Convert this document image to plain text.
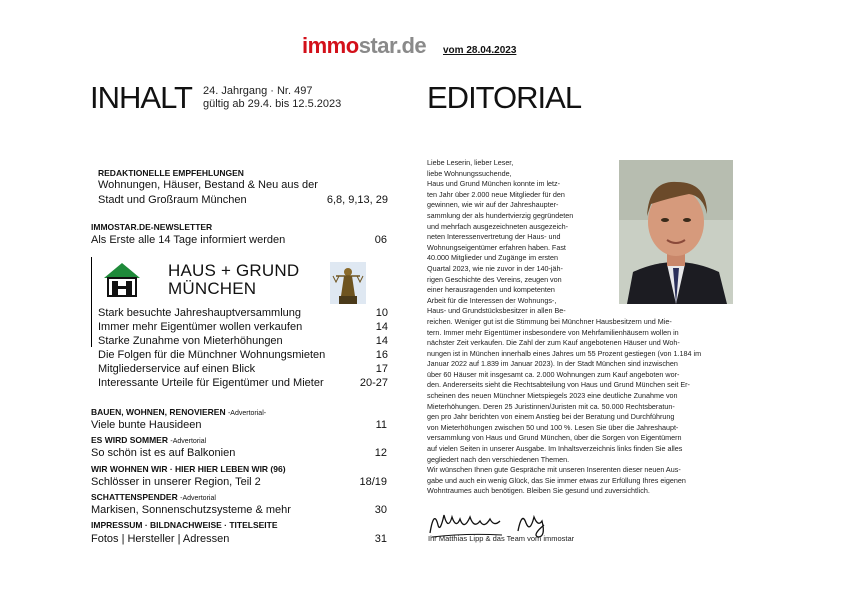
immostar.de vom 28.04.2023
INHALT 24. Jahrgang · Nr. 497
gültig ab 29.4. bis 12.5.2023	EDITORIAL
REDAKTIONELLE EMPFEHLUNGEN
Wohnungen, Häuser, Bestand & Neu aus der
Stadt und Großraum München	6,8, 9,13, 29
IMMOSTAR.DE-NEWSLETTER
Als Erste alle 14 Tage informiert werden	06
HAUS + GRUND
MÜNCHEN
Stark besuchte Jahreshauptversammlung	10
Immer mehr Eigentümer wollen verkaufen	14
Starke Zunahme von Mieterhöhungen	14
Die Folgen für die Münchner Wohnungsmieten	16
Mitgliederservice auf einen Blick	17
Interessante Urteile für Eigentümer und Mieter	20-27
BAUEN, WOHNEN, RENOVIEREN -Advertorial-
Viele bunte Hausideen	11
ES WIRD SOMMER -Advertorial
So schön ist es auf Balkonien	12
WIR WOHNEN WIR · HIER HIER LEBEN WIR (96)
Schlösser in unserer Region, Teil 2	18/19
SCHATTENSPENDER -Advertorial
Markisen, Sonnenschutzsysteme & mehr	30
IMPRESSUM · BILDNACHWEISE · TITELSEITE
Fotos | Hersteller | Adressen	31
Liebe Leserin, lieber Leser,
liebe Wohnungssuchende,
Haus und Grund München konnte im letz-
ten Jahr über 2.000 neue Mitglieder für den
gewinnen, wie wir auf der Jahreshaupter-
sammlung der als hundertvierzig gegründeten
und mehrfach ausgezeichneten ausgezeich-
neten Interessenvertretung der Haus- und
Wohnungseigentümer erfahren haben. Fast
40.000 Mitglieder und Zugänge im ersten
Quartal 2023, wie nie zuvor in der 140-jäh-
rigen Geschichte des Vereins, zeugen von
einer herausragenden und kompetenten
Arbeit für die Interessen der Wohnungs-,
Haus- und Grundstücksbesitzer in allen Be-
reichen. Weniger gut ist die Stimmung bei Münchner Hausbesitzern und Mie-
tern. Immer mehr Eigentümer insbesondere von Mehrfamilienhäusern wollen in
nächster Zeit verkaufen. Die Zahl der zum Kauf angebotenen Häuser und Woh-
nungen ist in München innerhalb eines Jahres um 55 Prozent gestiegen (von 1.184 im
Januar 2022 auf 1.839 im Januar 2023). In der Stadt München sind inzwischen
über 60 Häuser mit insgesamt ca. 2.000 Wohnungen zum Kauf angeboten wor-
den. Andererseits sieht die Rechtsabteilung von Haus und Grund München seit Er-
scheinen des neuen Münchner Mietspiegels 2023 eine deutliche Zunahme von
Mieterhöhungen. Deren 25 Juristinnen/Juristen mit ca. 50.000 Rechtsberatun-
gen pro Jahr berichten von einem Anstieg bei der Beratung und Durchführung
von Mieterhöhungen zwischen 50 und 100 %. Lesen Sie über die Jahreshaupt-
versammlung von Haus und Grund München, über die Sorgen von Eigentümern
auf vielen Seiten in unserer Ausgabe. Im Inhaltsverzeichnis links finden Sie alles
gegliedert nach den verschiedenen Themen.
Wir wünschen Ihnen gute Gespräche mit unseren Inserenten dieser neuen Aus-
gabe und auch ein wenig Glück, das Sie immer etwas zur Erfüllung Ihres eigenen
Wohntraumes auch benötigen. Bleiben Sie gesund und zuversichtlich.
Ihr Matthias Lipp & das Team vom immostar
